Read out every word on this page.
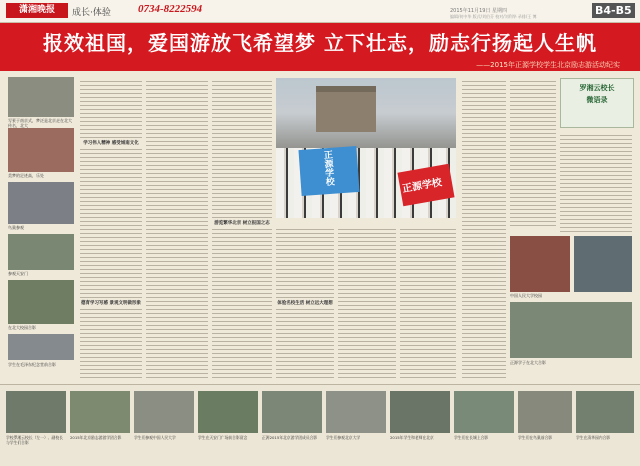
潇湘晚报	成长·体验 0734-8222594	2015年11月19日 星期四
编辑/何中华 版式/刘伯芬 校对/刘利华 录排/王 博	B4-B5
报效祖国，爱国游放飞希望梦 立下壮志，励志行扬起人生帆
——2015年正源学校学生北京励志游活动纪实
写景于南京式，梦泛是北京走在北大 传名，北大
美梦的足迹高，乐处
鸟巢参观
参观天安门
在北大校园合影
学生在毛泽东纪念堂前合影
学习伟人精神 感受城南文化
德育学习写感 景观文明做形象
游览繁华北京 树立报国之志
正源学校	正源学校
体验名校生活 树立远大理想
罗湘云校长
微语录
中国人民大学校园
正源学子在北大合影
学校罗湘云校长（左一）、副校长与学生们合影
2015年北京励志游游学团合影	学生们参观中国人民大学	学生在天安门广场前合影留念	正源2015年北京游学团成员合影	学生们参观北京大学	2015年学生和老师在北京	学生们在长城上合影	学生们在鸟巢前合影	学生在清华园内合影
